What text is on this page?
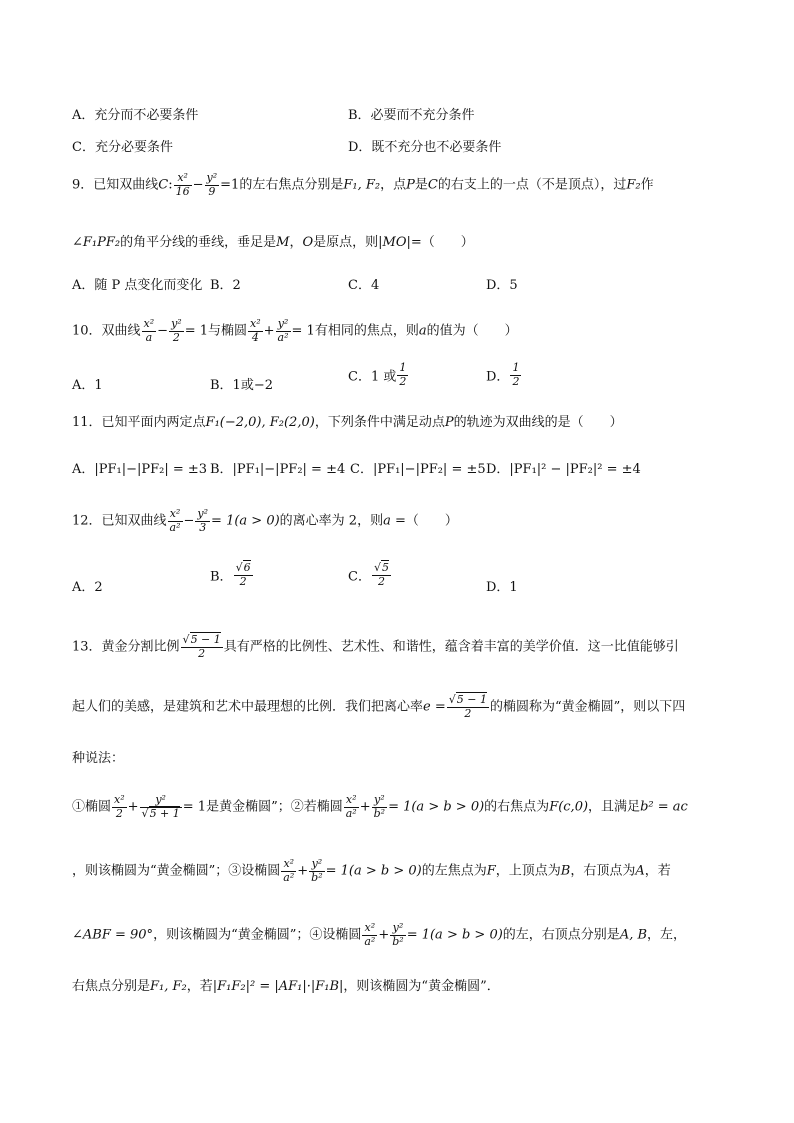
A．充分而不必要条件	B．必要而不充分条件
C．充分必要条件	D．既不充分也不必要条件
9．已知双曲线C: $\frac{\text{x²}}{16} - \frac{\text{y²}}{9} =1$的左右焦点分别是F₁, F₂，点P是C的右支上的一点（不是顶点），过F₂作
∠F₁PF₂的角平分线的垂线，垂足是M，O是原点，则|MO|=（　　）
A．随 P 点变化而变化 B．2	C．4	D．5
10．双曲线 $\frac{\text{x²}}{a} - \frac{\text{y²}}{2} = 1$与椭圆 $\frac{\text{x²}}{4} + \frac{\text{y²}}{\text{a²}} = 1$有相同的焦点，则a的值为（　　）
A．1	B．1或−2
C．1 或 $\frac{1}{2}$	D． $\frac{1}{2}$
11．已知平面内两定点F₁(−2,0), F₂(2,0)，下列条件中满足动点P的轨迹为双曲线的是（　　）
A．|PF₁|−|PF₂| = ±3 B．|PF₁|−|PF₂| = ±4 C．|PF₁|−|PF₂| = ±5 D．|PF₁|² − |PF₂|² = ±4
12．已知双曲线 $\frac{\text{x²}}{\text{a²}} - \frac{\text{y²}}{3} = 1(a > 0)$的离心率为 2，则a =（　　）
A．2
B． $\frac{√6}{2}$	C． $\frac{√5}{2}$	D．1
13．黄金分割比例 $\frac{√5 - 1}{2}$ 具有严格的比例性、艺术性、和谐性，蕴含着丰富的美学价值．这一比值能够引
起人们的美感，是建筑和艺术中最理想的比例．我们把离心率$e = \frac{√5 - 1}{2}$ 的椭圆称为“黄金椭圆”，则以下四
种说法：
①椭圆 $\frac{\text{x²}}{2} + \frac{\text{y²}}{√5 + 1} = 1$是黄金椭圆”；②若椭圆 $\frac{\text{x²}}{\text{a²}} + \frac{\text{y²}}{\text{b²}} = 1(a > b > 0)$的右焦点为F(c,0)，且满足b² = ac
，则该椭圆为“黄金椭圆”；③设椭圆 $\frac{\text{x²}}{\text{a²}} + \frac{\text{y²}}{\text{b²}} = 1(a > b > 0)$的左焦点为F，上顶点为B，右顶点为A，若
∠ABF = 90°，则该椭圆为“黄金椭圆”；④设椭圆 $\frac{\text{x²}}{\text{a²}} + \frac{\text{y²}}{\text{b²}} = 1(a > b > 0)$的左，右顶点分别是A, B，左，
右焦点分别是F₁, F₂，若|F₁F₂|² = |AF₁|·|F₁B|，则该椭圆为“黄金椭圆”．
